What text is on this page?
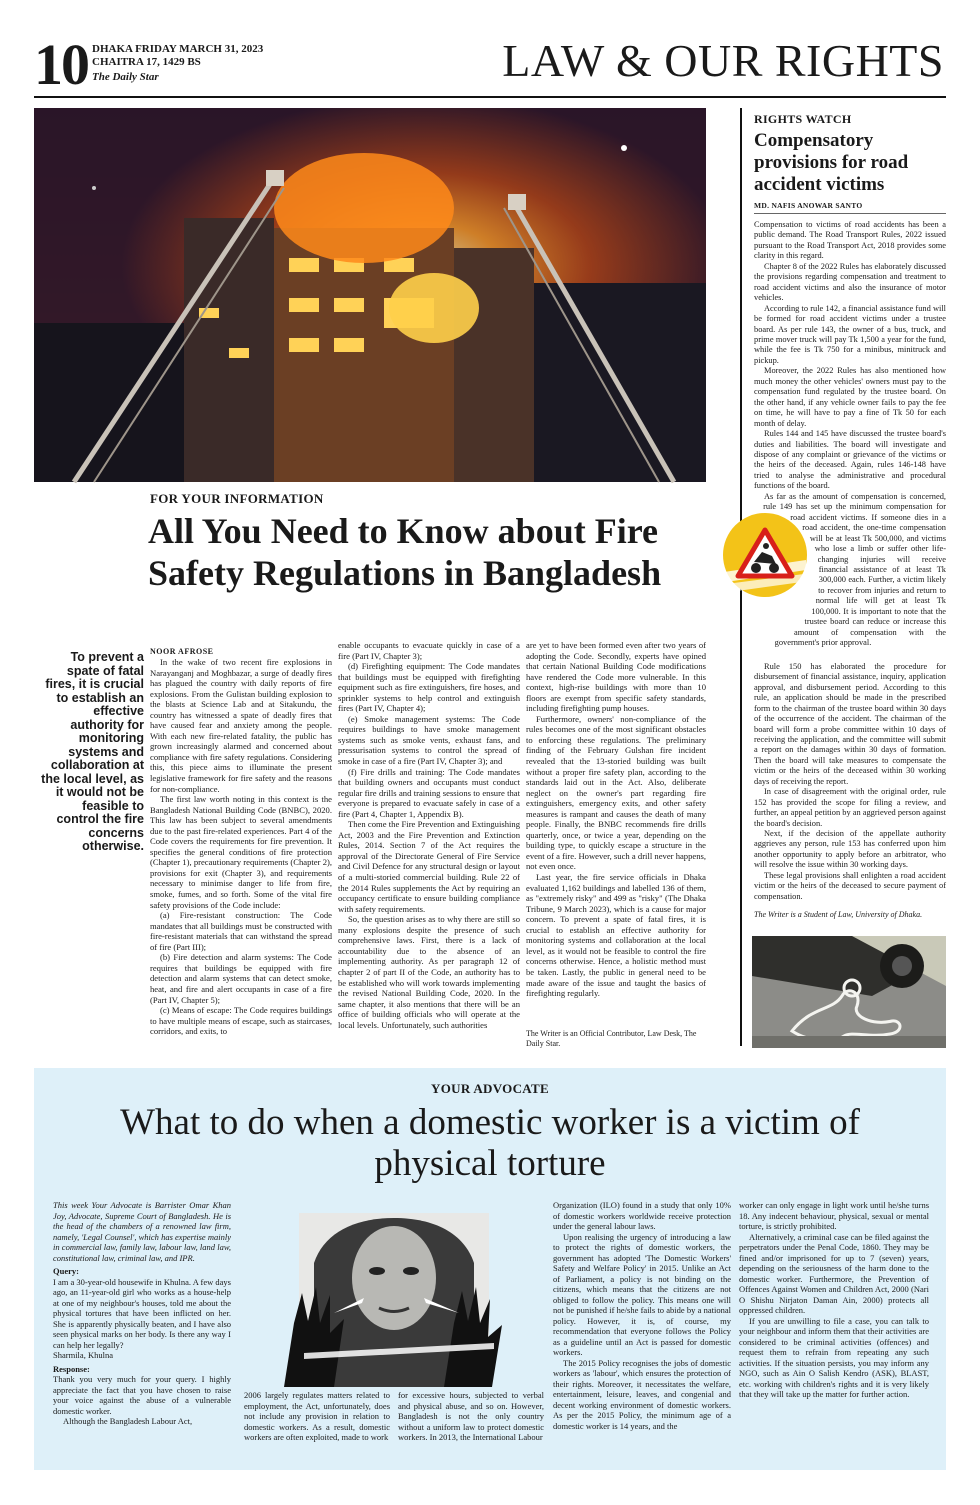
10 DHAKA FRIDAY MARCH 31, 2023
CHAITRA 17, 1429 BS
The Daily Star	LAW & OUR RIGHTS
FOR YOUR INFORMATION
All You Need to Know about Fire Safety Regulations in Bangladesh
To prevent a spate of fatal fires, it is crucial to establish an effective authority for monitoring systems and collaboration at the local level, as it would not be feasible to control the fire concerns otherwise.
NOOR AFROSE

In the wake of two recent fire explosions in Narayanganj and Moghbazar, a surge of deadly fires has plagued the country with daily reports of fire explosions. From the Gulistan building explosion to the blasts at Science Lab and at Sitakundu, the country has witnessed a spate of deadly fires that have caused fear and anxiety among the people. With each new fire-related fatality, the public has grown increasingly alarmed and concerned about compliance with fire safety regulations. Considering this, this piece aims to illuminate the present legislative framework for fire safety and the reasons for non-compliance.

The first law worth noting in this context is the Bangladesh National Building Code (BNBC), 2020. This law has been subject to several amendments due to the past fire-related experiences. Part 4 of the Code covers the requirements for fire prevention. It specifies the general conditions of fire protection (Chapter 1), precautionary requirements (Chapter 2), provisions for exit (Chapter 3), and requirements necessary to minimise danger to life from fire, smoke, fumes, and so forth. Some of the vital fire safety provisions of the Code include:

(a) Fire-resistant construction: The Code mandates that all buildings must be constructed with fire-resistant materials that can withstand the spread of fire (Part III);

(b) Fire detection and alarm systems: The Code requires that buildings be equipped with fire detection and alarm systems that can detect smoke, heat, and fire and alert occupants in case of a fire (Part IV, Chapter 5);

(c) Means of escape: The Code requires buildings to have multiple means of escape, such as staircases, corridors, and exits, to

enable occupants to evacuate quickly in case of a fire (Part IV, Chapter 3);

(d) Firefighting equipment: The Code mandates that buildings must be equipped with firefighting equipment such as fire extinguishers, fire hoses, and sprinkler systems to help control and extinguish fires (Part IV, Chapter 4);

(e) Smoke management systems: The Code requires buildings to have smoke management systems such as smoke vents, exhaust fans, and pressurisation systems to control the spread of smoke in case of a fire (Part IV, Chapter 3); and

(f) Fire drills and training: The Code mandates that building owners and occupants must conduct regular fire drills and training sessions to ensure that everyone is prepared to evacuate safely in case of a fire (Part 4, Chapter 1, Appendix B).

Then come the Fire Prevention and Extinguishing Act, 2003 and the Fire Prevention and Extinction Rules, 2014. Section 7 of the Act requires the approval of the Directorate General of Fire Service and Civil Defence for any structural design or layout of a multi-storied commercial building. Rule 22 of the 2014 Rules supplements the Act by requiring an occupancy certificate to ensure building compliance with safety requirements.

So, the question arises as to why there are still so many explosions despite the presence of such comprehensive laws. First, there is a lack of accountability due to the absence of an implementing authority. As per paragraph 12 of chapter 2 of part II of the Code, an authority has to be established who will work towards implementing the revised National Building Code, 2020. In the same chapter, it also mentions that there will be an office of building officials who will operate at the local levels. Unfortunately, such authorities

are yet to have been formed even after two years of adopting the Code. Secondly, experts have opined that certain National Building Code modifications have rendered the Code more vulnerable. In this context, high-rise buildings with more than 10 floors are exempt from specific safety standards, including firefighting pump houses.

Furthermore, owners' non-compliance of the rules becomes one of the most significant obstacles to enforcing these regulations. The preliminary finding of the February Gulshan fire incident revealed that the 13-storied building was built without a proper fire safety plan, according to the standards laid out in the Act. Also, deliberate neglect on the owner's part regarding fire extinguishers, emergency exits, and other safety measures is rampant and causes the death of many people. Finally, the BNBC recommends fire drills quarterly, once, or twice a year, depending on the building type, to quickly escape a structure in the event of a fire. However, such a drill never happens, not even once.

Last year, the fire service officials in Dhaka evaluated 1,162 buildings and labelled 136 of them, as "extremely risky" and 499 as "risky" (The Dhaka Tribune, 9 March 2023), which is a cause for major concern. To prevent a spate of fatal fires, it is crucial to establish an effective authority for monitoring systems and collaboration at the local level, as it would not be feasible to control the fire concerns otherwise. Hence, a holistic method must be taken. Lastly, the public in general need to be made aware of the issue and taught the basics of firefighting regularly.

The Writer is an Official Contributor, Law Desk, The Daily Star.
RIGHTS WATCH
Compensatory provisions for road accident victims
MD. NAFIS ANOWAR SANTO

Compensation to victims of road accidents has been a public demand. The Road Transport Rules, 2022 issued pursuant to the Road Transport Act, 2018 provides some clarity in this regard.

Chapter 8 of the 2022 Rules has elaborately discussed the provisions regarding compensation and treatment to road accident victims and also the insurance of motor vehicles.

According to rule 142, a financial assistance fund will be formed for road accident victims under a trustee board. As per rule 143, the owner of a bus, truck, and prime mover truck will pay Tk 1,500 a year for the fund, while the fee is Tk 750 for a minibus, minitruck and pickup.

Moreover, the 2022 Rules has also mentioned how much money the other vehicles' owners must pay to the compensation fund regulated by the trustee board. On the other hand, if any vehicle owner fails to pay the fee on time, he will have to pay a fine of Tk 50 for each month of delay.

Rules 144 and 145 have discussed the trustee board's duties and liabilities. The board will investigate and dispose of any complaint or grievance of the victims or the heirs of the deceased. Again, rules 146-148 have tried to analyse the administrative and procedural functions of the board.

As far as the amount of compensation is concerned, rule 149 has set up the minimum compensation for road accident victims. If someone dies in a road accident, the one-time compensation will be at least Tk 500,000, and victims who lose a limb or suffer other life-changing injuries will receive financial assistance of at least Tk 300,000 each. Further, a victim likely to recover from injuries and return to normal life will get at least Tk 100,000. It is important to note that the trustee board can reduce or increase this amount of compensation with the government's prior approval.

Rule 150 has elaborated the procedure for disbursement of financial assistance, inquiry, application approval, and disbursement period. According to this rule, an application should be made in the prescribed form to the chairman of the trustee board within 30 days of the occurrence of the accident. The chairman of the board will form a probe committee within 10 days of receiving the application, and the committee will submit a report on the damages within 30 days of formation. Then the board will take measures to compensate the victim or the heirs of the deceased within 30 working days of receiving the report.

In case of disagreement with the original order, rule 152 has provided the scope for filing a review, and further, an appeal petition by an aggrieved person against the board's decision.

Next, if the decision of the appellate authority aggrieves any person, rule 153 has conferred upon him another opportunity to apply before an arbitrator, who will resolve the issue within 30 working days.

These legal provisions shall enlighten a road accident victim or the heirs of the deceased to secure payment of compensation.

The Writer is a Student of Law, University of Dhaka.
YOUR ADVOCATE
What to do when a domestic worker is a victim of physical torture

This week Your Advocate is Barrister Omar Khan Joy, Advocate, Supreme Court of Bangladesh. He is the head of the chambers of a renowned law firm, namely, 'Legal Counsel', which has expertise mainly in commercial law, family law, labour law, land law, constitutional law, criminal law, and IPR.

Query:

I am a 30-year-old housewife in Khulna. A few days ago, an 11-year-old girl who works as a house-help at one of my neighbour's houses, told me about the physical tortures that have been inflicted on her. She is apparently physically beaten, and I have also seen physical marks on her body. Is there any way I can help her legally?

Sharmila, Khulna

Response:

Thank you very much for your query. I highly appreciate the fact that you have chosen to raise your voice against the abuse of a vulnerable domestic worker.

Although the Bangladesh Labour Act,

2006 largely regulates matters related to employment, the Act, unfortunately, does not include any provision in relation to domestic workers. As a result, domestic workers are often exploited, made to work

for excessive hours, subjected to verbal and physical abuse, and so on. However, Bangladesh is not the only country without a uniform law to protect domestic workers. In 2013, the International Labour

Organization (ILO) found in a study that only 10% of domestic workers worldwide receive protection under the general labour laws.

Upon realising the urgency of introducing a law to protect the rights of domestic workers, the government has adopted 'The Domestic Workers' Safety and Welfare Policy' in 2015. Unlike an Act of Parliament, a policy is not binding on the citizens, which means that the citizens are not obliged to follow the policy. This means one will not be punished if he/she fails to abide by a national policy. However, it is, of course, my recommendation that everyone follows the Policy as a guideline until an Act is passed for domestic workers.

The 2015 Policy recognises the jobs of domestic workers as 'labour', which ensures the protection of their rights. Moreover, it necessitates the welfare, entertainment, leisure, leaves, and congenial and decent working environment of domestic workers. As per the 2015 Policy, the minimum age of a domestic worker is 14 years, and the

worker can only engage in light work until he/she turns 18. Any indecent behaviour, physical, sexual or mental torture, is strictly prohibited.

Alternatively, a criminal case can be filed against the perpetrators under the Penal Code, 1860. They may be fined and/or imprisoned for up to 7 (seven) years, depending on the seriousness of the harm done to the domestic worker. Furthermore, the Prevention of Offences Against Women and Children Act, 2000 (Nari O Shishu Nirjaton Daman Ain, 2000) protects all oppressed children.

If you are unwilling to file a case, you can talk to your neighbour and inform them that their activities are considered to be criminal activities (offences) and request them to refrain from repeating any such activities. If the situation persists, you may inform any NGO, such as Ain O Salish Kendro (ASK), BLAST, etc. working with children's rights and it is very likely that they will take up the matter for further action.
